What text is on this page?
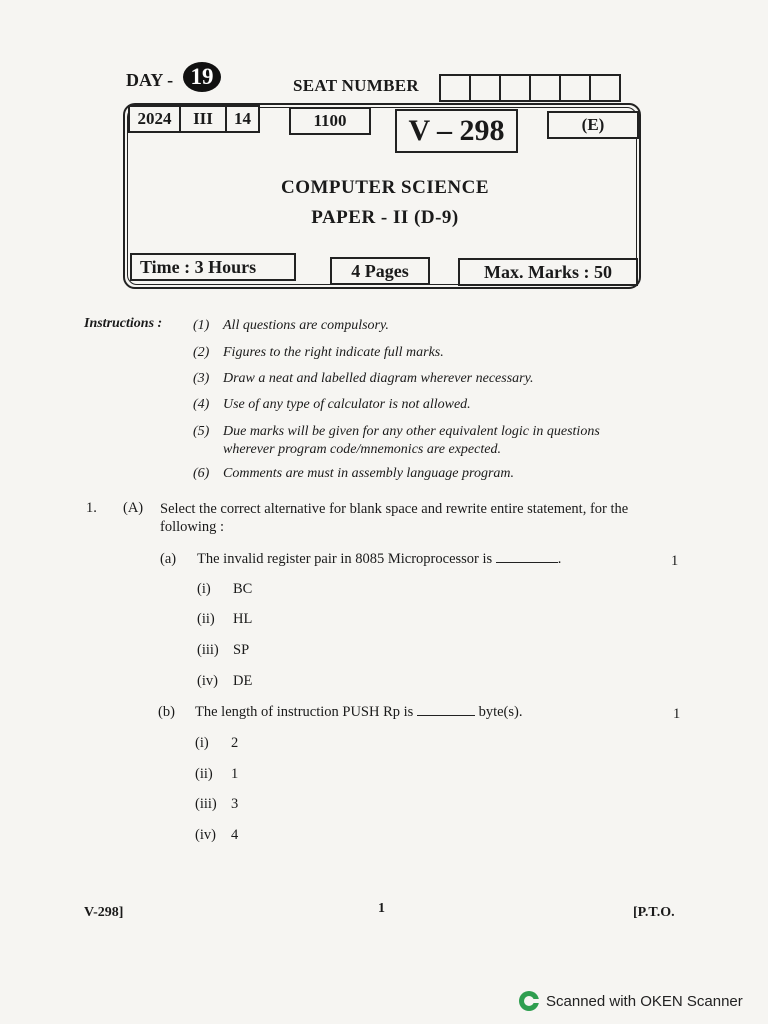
DAY - 19	SEAT NUMBER
2024	III	14	1100	V – 298	(E)
COMPUTER SCIENCE
PAPER - II (D-9)
Time : 3 Hours	4 Pages	Max. Marks : 50
Instructions : (1) All questions are compulsory.
(2) Figures to the right indicate full marks.
(3) Draw a neat and labelled diagram wherever necessary.
(4) Use of any type of calculator is not allowed.
(5) Due marks will be given for any other equivalent logic in questions
wherever program code/mnemonics are expected.
(6) Comments are must in assembly language program.
1. (A) Select the correct alternative for blank space and rewrite entire statement, for the following :
(a) The invalid register pair in 8085 Microprocessor is	.	1
(i) BC
(ii) HL
(iii) SP
(iv) DE
(b) The length of instruction PUSH Rp is	byte(s).	1
(i) 2
(ii) 1
(iii) 3
(iv) 4
V-298]	1	[P.T.O.
Scanned with OKEN Scanner
